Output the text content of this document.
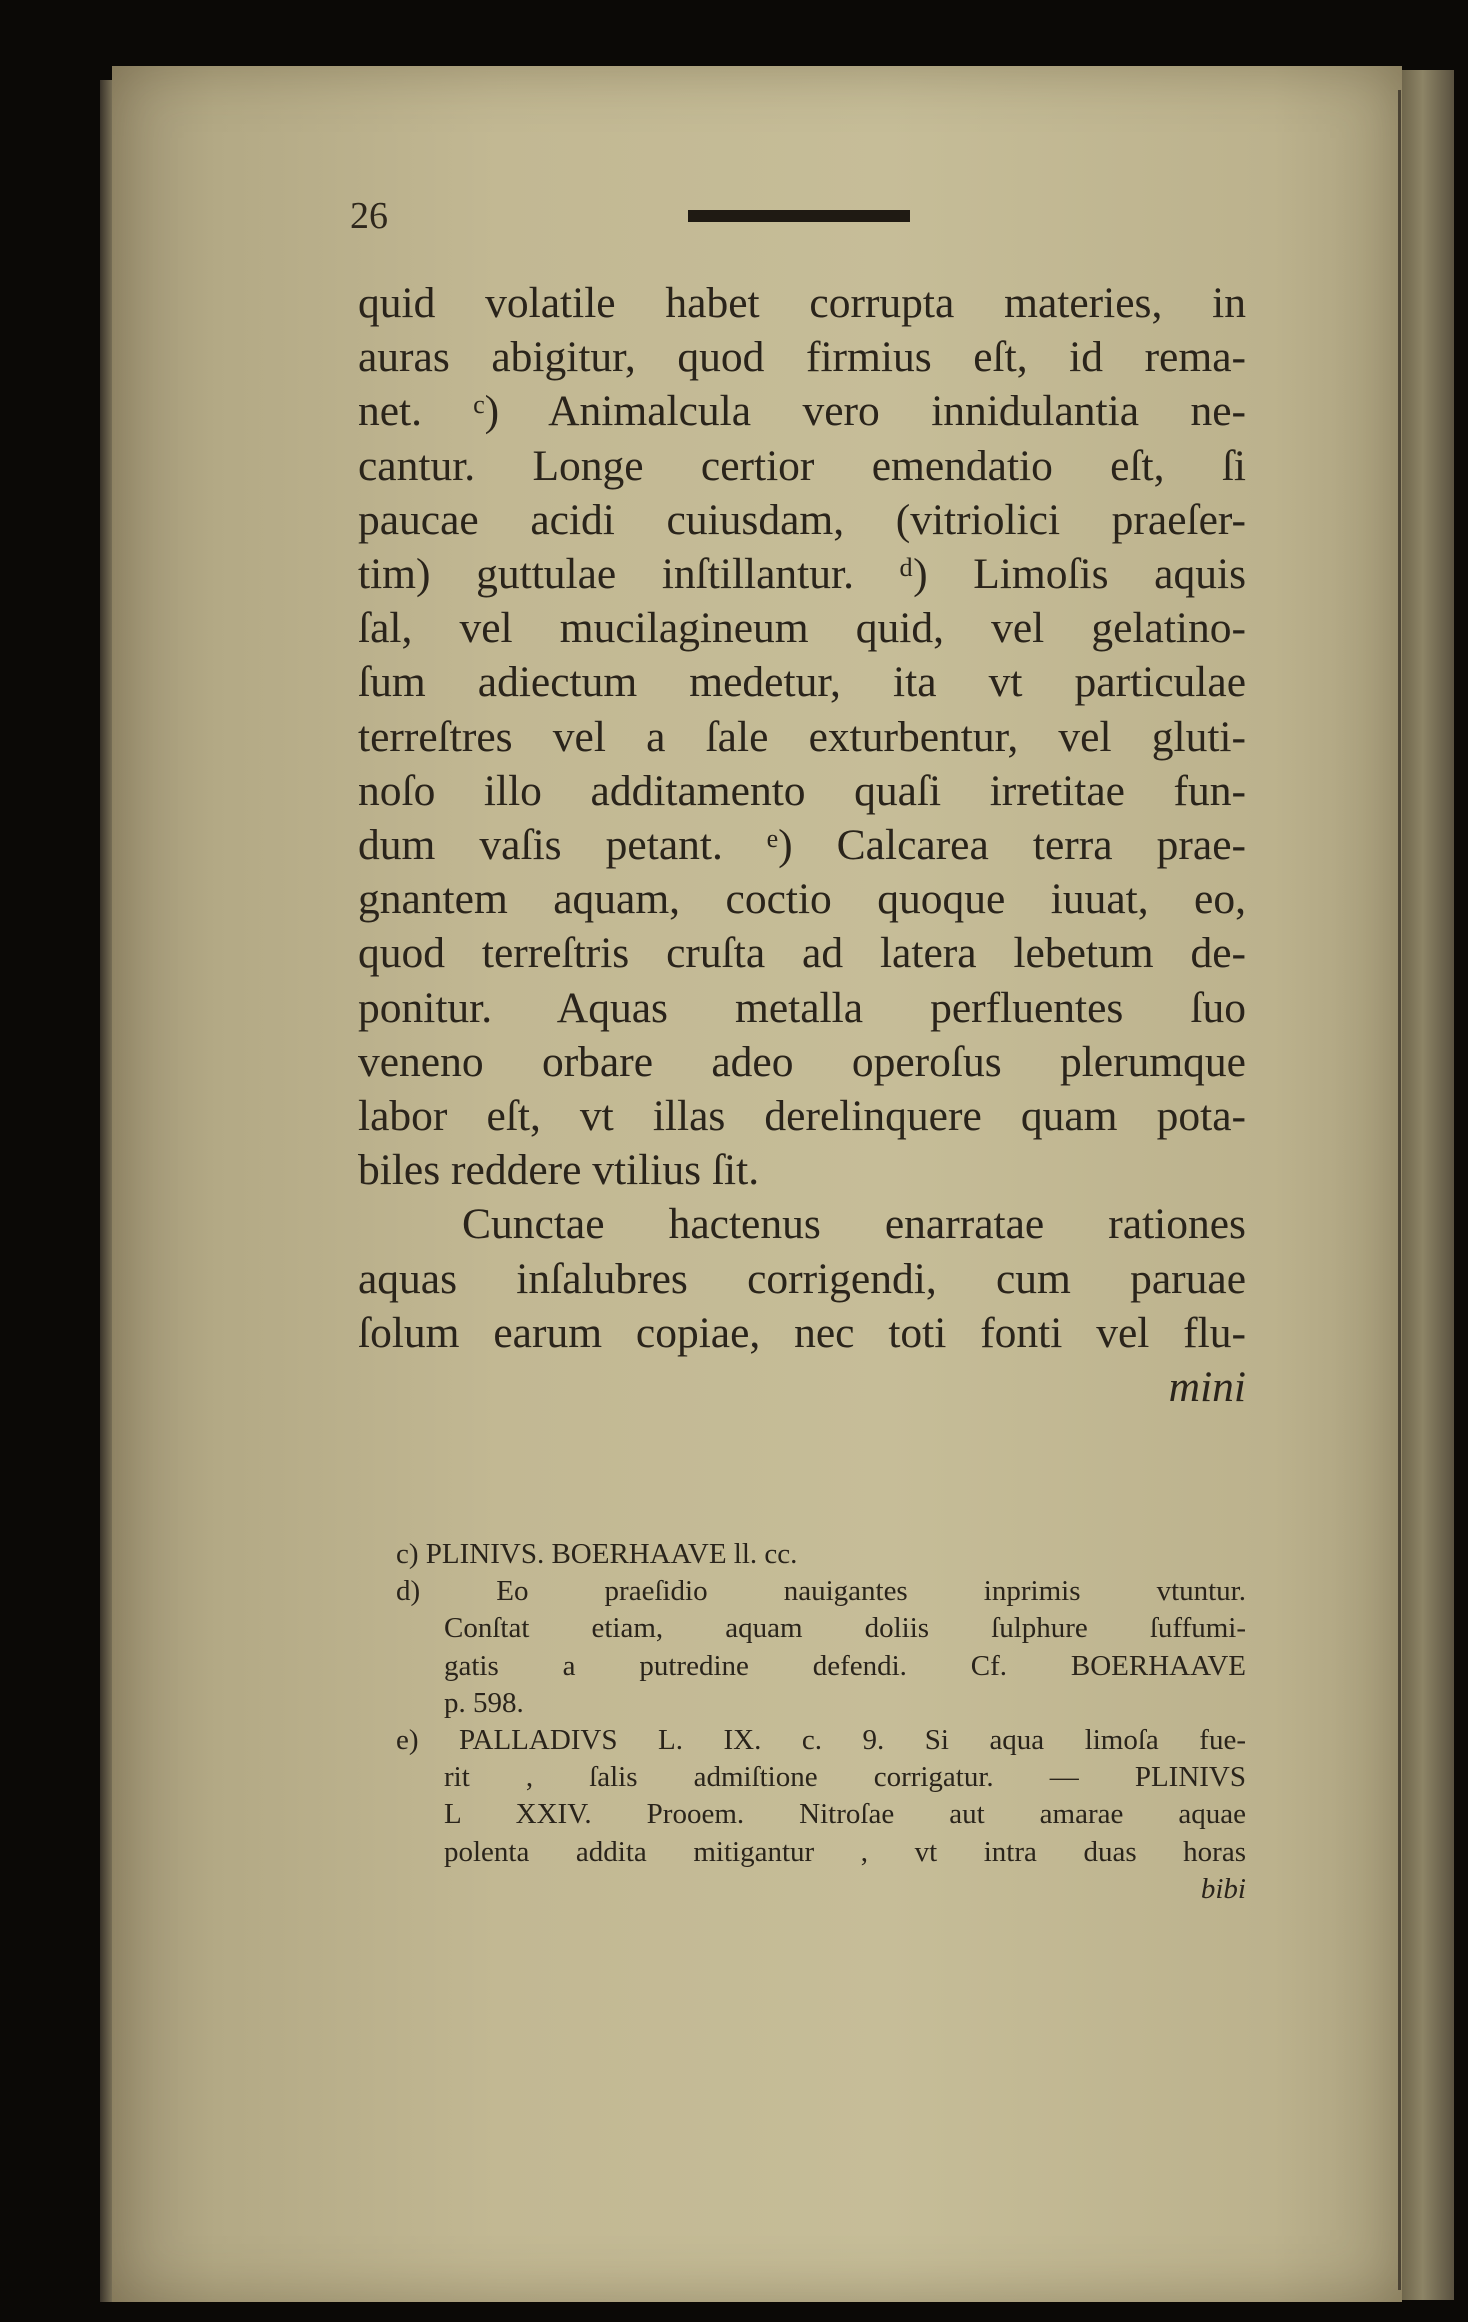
26
quid volatile habet corrupta materies, in
auras abigitur, quod firmius eſt, id rema-
net. ᶜ) Animalcula vero innidulantia ne-
cantur. Longe certior emendatio eſt, ſi
paucae acidi cuiusdam, (vitriolici praeſer-
tim) guttulae inſtillantur. ᵈ) Limoſis aquis
ſal, vel mucilagineum quid, vel gelatino-
ſum adiectum medetur, ita vt particulae
terreſtres vel a ſale exturbentur, vel gluti-
noſo illo additamento quaſi irretitae fun-
dum vaſis petant. ᵉ) Calcarea terra prae-
gnantem aquam, coctio quoque iuuat, eo,
quod terreſtris cruſta ad latera lebetum de-
ponitur. Aquas metalla perfluentes ſuo
veneno orbare adeo operoſus plerumque
labor eſt, vt illas derelinquere quam pota-
biles reddere vtilius ſit.
Cunctae hactenus enarratae rationes
aquas inſalubres corrigendi, cum paruae
ſolum earum copiae, nec toti fonti vel flu-
mini
c) PLINIVS. BOERHAAVE ll. cc.
d) Eo praeſidio nauigantes inprimis vtuntur.
Conſtat etiam, aquam doliis ſulphure ſuffumi-
gatis a putredine defendi. Cf. BOERHAAVE
p. 598.
e) PALLADIVS L. IX. c. 9. Si aqua limoſa fue-
rit , ſalis admiſtione corrigatur. — PLINIVS
L XXIV. Prooem. Nitroſae aut amarae aquae
polenta addita mitigantur , vt intra duas horas
bibi
